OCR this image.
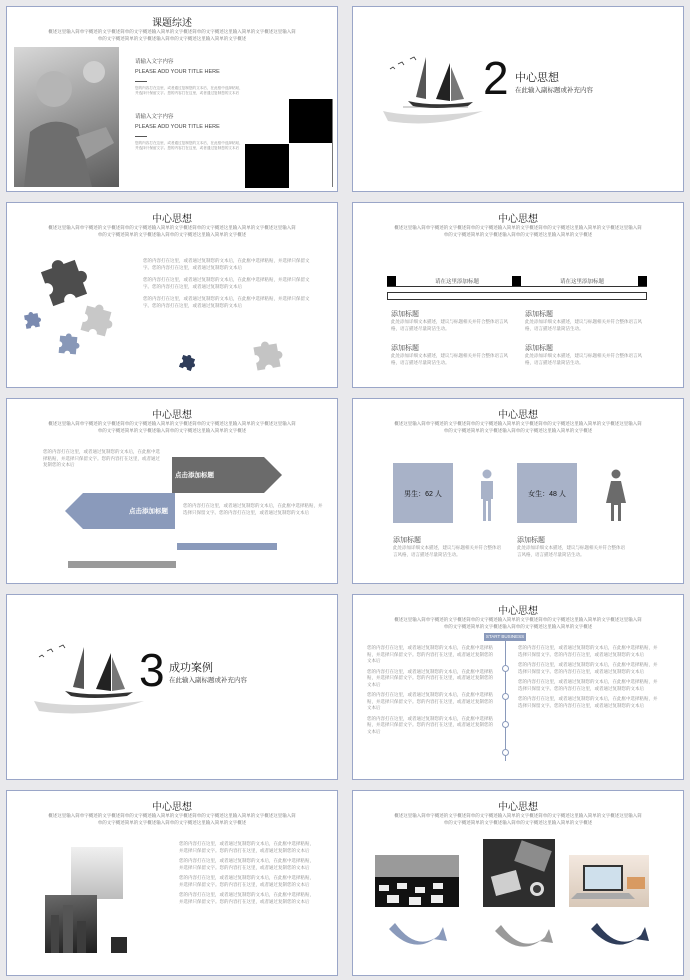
课题综述
概述这里输入简单字概述的文字概述简单的文字概述输入简单的文字概述简单的文字概述这里输入简单的文字概述这里输入简单的文字概述简单的文字概述输入简单的文字概述这里输入简单的文字概述
请输入文字内容
PLEASE ADD YOUR TITLE HERE
您的内容打在这里，或者通过复制您的文本后，在此框中选择粘贴，并选择只保留文字。您的内容打在这里，或者通过复制您的文本后
请输入文字内容
PLEASE ADD YOUR TITLE HERE
您的内容打在这里，或者通过复制您的文本后，在此框中选择粘贴，并选择只保留文字。您的内容打在这里，或者通过复制您的文本后
2 中心思想
在此输入副标题或补充内容
中心思想
概述这里输入简单字概述的文字概述简单的文字概述输入简单的文字概述简单的文字概述这里输入简单的文字概述这里输入简单的文字概述简单的文字概述输入简单的文字概述这里输入简单的文字概述
您的内容打在这里，或者通过复制您的文本后，在此框中选择粘贴，并选择只保留文字。您的内容打在这里，或者通过复制您的文本后
您的内容打在这里，或者通过复制您的文本后，在此框中选择粘贴，并选择只保留文字。您的内容打在这里，或者通过复制您的文本后
您的内容打在这里，或者通过复制您的文本后，在此框中选择粘贴，并选择只保留文字。您的内容打在这里，或者通过复制您的文本后
中心思想
概述这里输入简单字概述的文字概述简单的文字概述输入简单的文字概述简单的文字概述这里输入简单的文字概述这里输入简单的文字概述简单的文字概述输入简单的文字概述这里输入简单的文字概述
请在这里添加标题	请在这里添加标题
添加标题
此处添加详细文本描述，建议与标题相关并符合整体语言风格，语言描述尽量简洁生动。
添加标题
此处添加详细文本描述，建议与标题相关并符合整体语言风格，语言描述尽量简洁生动。
添加标题
此处添加详细文本描述，建议与标题相关并符合整体语言风格，语言描述尽量简洁生动。
添加标题
此处添加详细文本描述，建议与标题相关并符合整体语言风格，语言描述尽量简洁生动。
中心思想
概述这里输入简单字概述的文字概述简单的文字概述输入简单的文字概述简单的文字概述这里输入简单的文字概述这里输入简单的文字概述简单的文字概述输入简单的文字概述这里输入简单的文字概述
您的内容打在这里，或者通过复制您的文本后，在此框中选择粘贴，并选择只保留文字。您的内容打在这里，或者通过复制您的文本后
点击添加标题
点击添加标题
您的内容打在这里，或者通过复制您的文本后，在此框中选择粘贴，并选择只保留文字。您的内容打在这里，或者通过复制您的文本后
中心思想
概述这里输入简单字概述的文字概述简单的文字概述输入简单的文字概述简单的文字概述这里输入简单的文字概述这里输入简单的文字概述简单的文字概述输入简单的文字概述这里输入简单的文字概述
男生：62 人	女生：48 人
添加标题
此处添加详细文本描述，建议与标题相关并符合整体语言风格，语言描述尽量简洁生动。
添加标题
此处添加详细文本描述，建议与标题相关并符合整体语言风格，语言描述尽量简洁生动。
3 成功案例
在此输入副标题或补充内容
中心思想
概述这里输入简单字概述的文字概述简单的文字概述输入简单的文字概述简单的文字概述这里输入简单的文字概述这里输入简单的文字概述简单的文字概述输入简单的文字概述这里输入简单的文字概述
START BUSINESS
您的内容打在这里，或者通过复制您的文本后，在此框中选择粘贴，并选择只保留文字。您的内容打在这里，或者通过复制您的文本后
您的内容打在这里，或者通过复制您的文本后，在此框中选择粘贴，并选择只保留文字。您的内容打在这里，或者通过复制您的文本后
您的内容打在这里，或者通过复制您的文本后，在此框中选择粘贴，并选择只保留文字。您的内容打在这里，或者通过复制您的文本后
您的内容打在这里，或者通过复制您的文本后，在此框中选择粘贴，并选择只保留文字。您的内容打在这里，或者通过复制您的文本后
您的内容打在这里，或者通过复制您的文本后，在此框中选择粘贴，并选择只保留文字。您的内容打在这里，或者通过复制您的文本后
您的内容打在这里，或者通过复制您的文本后，在此框中选择粘贴，并选择只保留文字。您的内容打在这里，或者通过复制您的文本后
您的内容打在这里，或者通过复制您的文本后，在此框中选择粘贴，并选择只保留文字。您的内容打在这里，或者通过复制您的文本后
您的内容打在这里，或者通过复制您的文本后，在此框中选择粘贴，并选择只保留文字。您的内容打在这里，或者通过复制您的文本后
中心思想
概述这里输入简单字概述的文字概述简单的文字概述输入简单的文字概述简单的文字概述这里输入简单的文字概述这里输入简单的文字概述简单的文字概述输入简单的文字概述这里输入简单的文字概述
您的内容打在这里，或者通过复制您的文本后，在此框中选择粘贴，并选择只保留文字。您的内容打在这里，或者通过复制您的文本后
您的内容打在这里，或者通过复制您的文本后，在此框中选择粘贴，并选择只保留文字。您的内容打在这里，或者通过复制您的文本后
您的内容打在这里，或者通过复制您的文本后，在此框中选择粘贴，并选择只保留文字。您的内容打在这里，或者通过复制您的文本后
您的内容打在这里，或者通过复制您的文本后，在此框中选择粘贴，并选择只保留文字。您的内容打在这里，或者通过复制您的文本后
中心思想
概述这里输入简单字概述的文字概述简单的文字概述输入简单的文字概述简单的文字概述这里输入简单的文字概述这里输入简单的文字概述简单的文字概述输入简单的文字概述这里输入简单的文字概述
